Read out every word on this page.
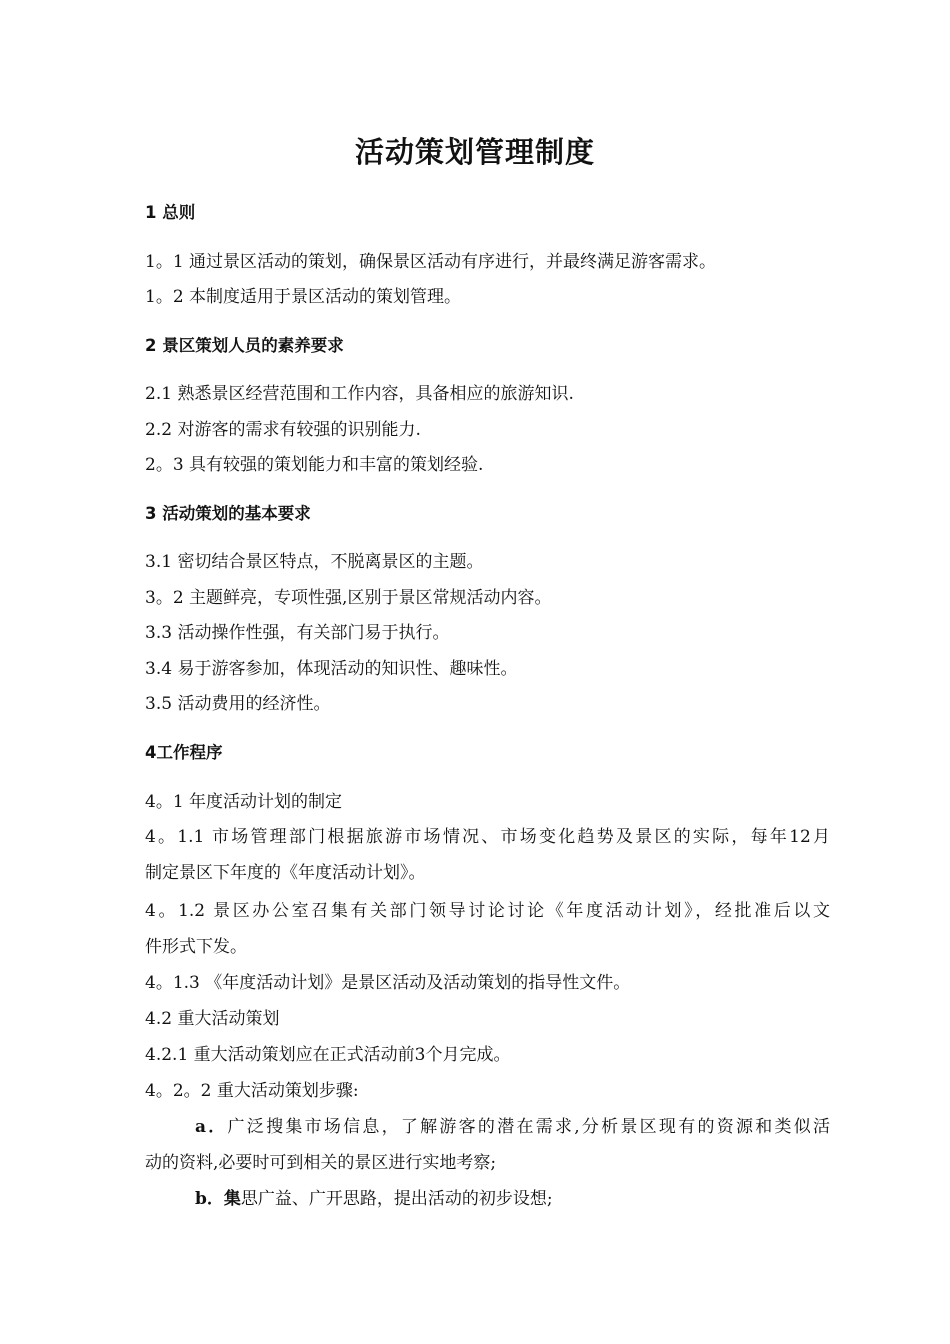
活动策划管理制度
1 总则
1。1 通过景区活动的策划，确保景区活动有序进行，并最终满足游客需求。
1。2 本制度适用于景区活动的策划管理。
2 景区策划人员的素养要求
2.1 熟悉景区经营范围和工作内容，具备相应的旅游知识.
2.2 对游客的需求有较强的识别能力.
2。3 具有较强的策划能力和丰富的策划经验.
3 活动策划的基本要求
3.1 密切结合景区特点，不脱离景区的主题。
3。2 主题鲜亮，专项性强,区别于景区常规活动内容。
3.3 活动操作性强，有关部门易于执行。
3.4 易于游客参加，体现活动的知识性、趣味性。
3.5 活动费用的经济性。
4工作程序
4。1 年度活动计划的制定
4。1.1 市场管理部门根据旅游市场情况、市场变化趋势及景区的实际，每年12月
制定景区下年度的《年度活动计划》。
4。1.2 景区办公室召集有关部门领导讨论讨论《年度活动计划》，经批准后以文
件形式下发。
4。1.3 《年度活动计划》是景区活动及活动策划的指导性文件。
4.2 重大活动策划
4.2.1 重大活动策划应在正式活动前3个月完成。
4。2。2 重大活动策划步骤:
a．广泛搜集市场信息，了解游客的潜在需求,分析景区现有的资源和类似活
动的资料,必要时可到相关的景区进行实地考察;
b．集思广益、广开思路，提出活动的初步设想;
